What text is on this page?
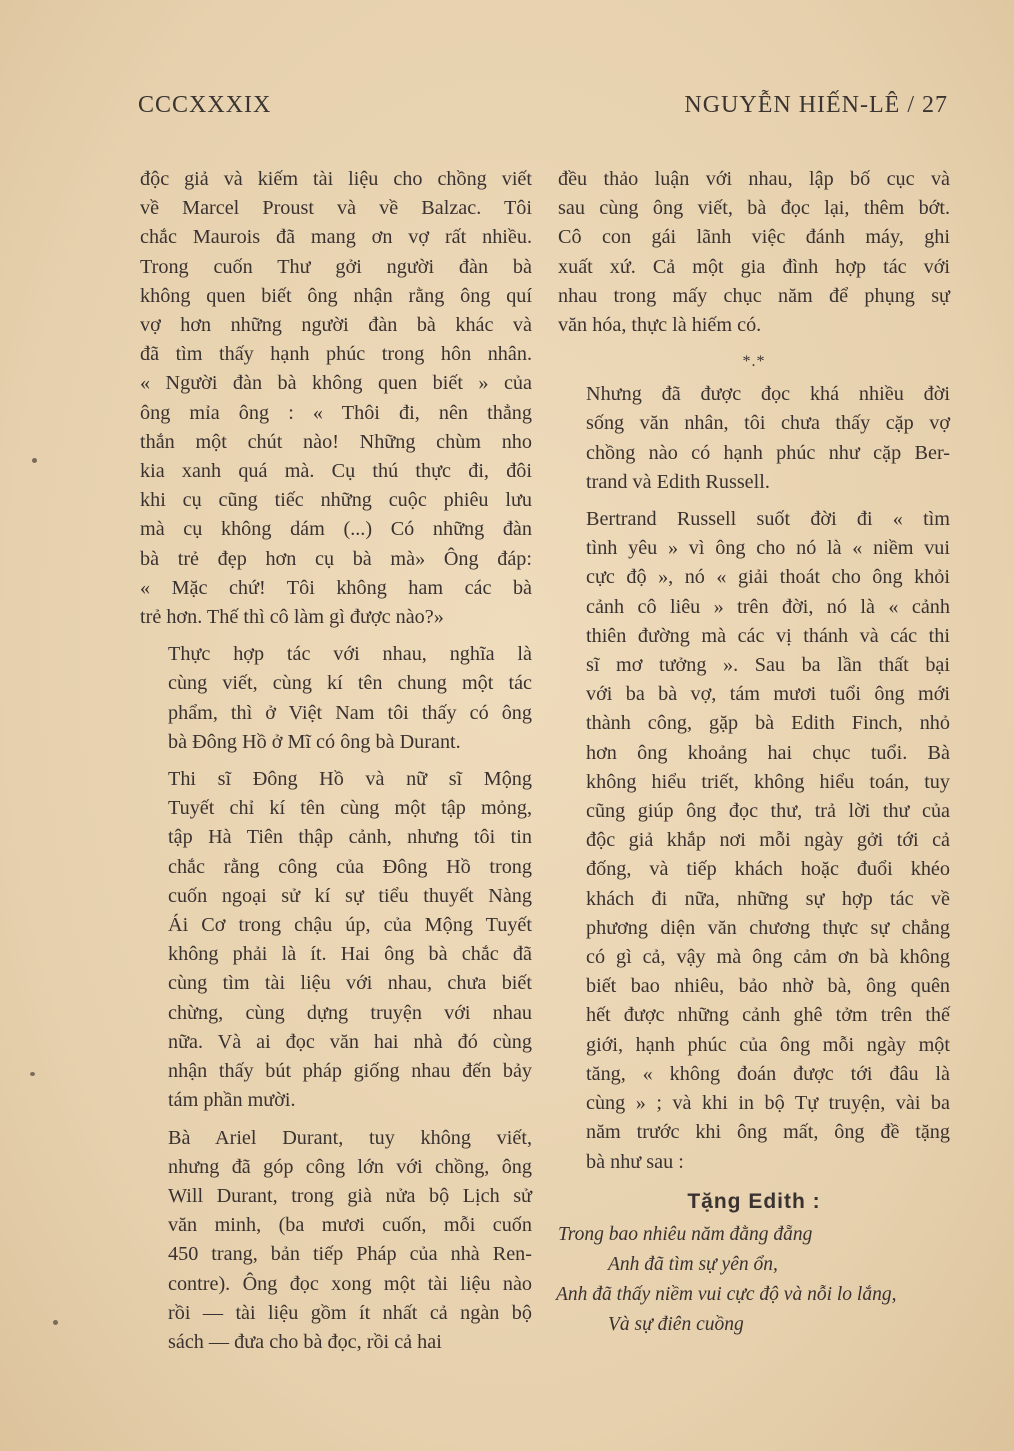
CCCXXXIX	NGUYỄN HIẾN-LÊ / 27
độc giả và kiếm tài liệu cho chồng viết
về Marcel Proust và về Balzac. Tôi
chắc Maurois đã mang ơn vợ rất nhiều.
Trong cuốn Thư gởi người đàn bà
không quen biết ông nhận rằng ông quí
vợ hơn những người đàn bà khác và
đã tìm thấy hạnh phúc trong hôn nhân.
« Người đàn bà không quen biết » của
ông mỉa ông : « Thôi đi, nên thẳng
thắn một chút nào! Những chùm nho
kia xanh quá mà. Cụ thú thực đi, đôi
khi cụ cũng tiếc những cuộc phiêu lưu
mà cụ không dám (...) Có những đàn
bà trẻ đẹp hơn cụ bà mà» Ông đáp:
« Mặc chứ! Tôi không ham các bà
trẻ hơn. Thế thì cô làm gì được nào?»
Thực hợp tác với nhau, nghĩa là
cùng viết, cùng kí tên chung một tác
phẩm, thì ở Việt Nam tôi thấy có ông
bà Đông Hồ ở Mĩ có ông bà Durant.
Thi sĩ Đông Hồ và nữ sĩ Mộng
Tuyết chỉ kí tên cùng một tập mỏng,
tập Hà Tiên thập cảnh, nhưng tôi tin
chắc rằng công của Đông Hồ trong
cuốn ngoại sử kí sự tiểu thuyết Nàng
Ái Cơ trong chậu úp, của Mộng Tuyết
không phải là ít. Hai ông bà chắc đã
cùng tìm tài liệu với nhau, chưa biết
chừng, cùng dựng truyện với nhau
nữa. Và ai đọc văn hai nhà đó cùng
nhận thấy bút pháp giống nhau đến bảy
tám phần mười.
Bà Ariel Durant, tuy không viết,
nhưng đã góp công lớn với chồng, ông
Will Durant, trong già nửa bộ Lịch sử
văn minh, (ba mươi cuốn, mỗi cuốn
450 trang, bản tiếp Pháp của nhà Ren-
contre). Ông đọc xong một tài liệu nào
rồi — tài liệu gồm ít nhất cả ngàn bộ
sách — đưa cho bà đọc, rồi cả hai
đều thảo luận với nhau, lập bố cục và
sau cùng ông viết, bà đọc lại, thêm bớt.
Cô con gái lãnh việc đánh máy, ghi
xuất xứ. Cả một gia đình hợp tác với
nhau trong mấy chục năm để phụng sự
văn hóa, thực là hiếm có.
*.*
Nhưng đã được đọc khá nhiều đời
sống văn nhân, tôi chưa thấy cặp vợ
chồng nào có hạnh phúc như cặp Ber-
trand và Edith Russell.
Bertrand Russell suốt đời đi « tìm
tình yêu » vì ông cho nó là « niềm vui
cực độ », nó « giải thoát cho ông khỏi
cảnh cô liêu » trên đời, nó là « cảnh
thiên đường mà các vị thánh và các thi
sĩ mơ tưởng ». Sau ba lần thất bại
với ba bà vợ, tám mươi tuổi ông mới
thành công, gặp bà Edith Finch, nhỏ
hơn ông khoảng hai chục tuổi. Bà
không hiểu triết, không hiểu toán, tuy
cũng giúp ông đọc thư, trả lời thư của
độc giả khắp nơi mỗi ngày gởi tới cả
đống, và tiếp khách hoặc đuổi khéo
khách đi nữa, những sự hợp tác về
phương diện văn chương thực sự chẳng
có gì cả, vậy mà ông cảm ơn bà không
biết bao nhiêu, bảo nhờ bà, ông quên
hết được những cảnh ghê tởm trên thế
giới, hạnh phúc của ông mỗi ngày một
tăng, « không đoán được tới đâu là
cùng » ; và khi in bộ Tự truyện, vài ba
năm trước khi ông mất, ông đề tặng
bà như sau :
Tặng Edith :
Trong bao nhiêu năm đằng đẵng
Anh đã tìm sự yên ổn,
Anh đã thấy niềm vui cực độ và nỗi lo lắng,
Và sự điên cuồng
